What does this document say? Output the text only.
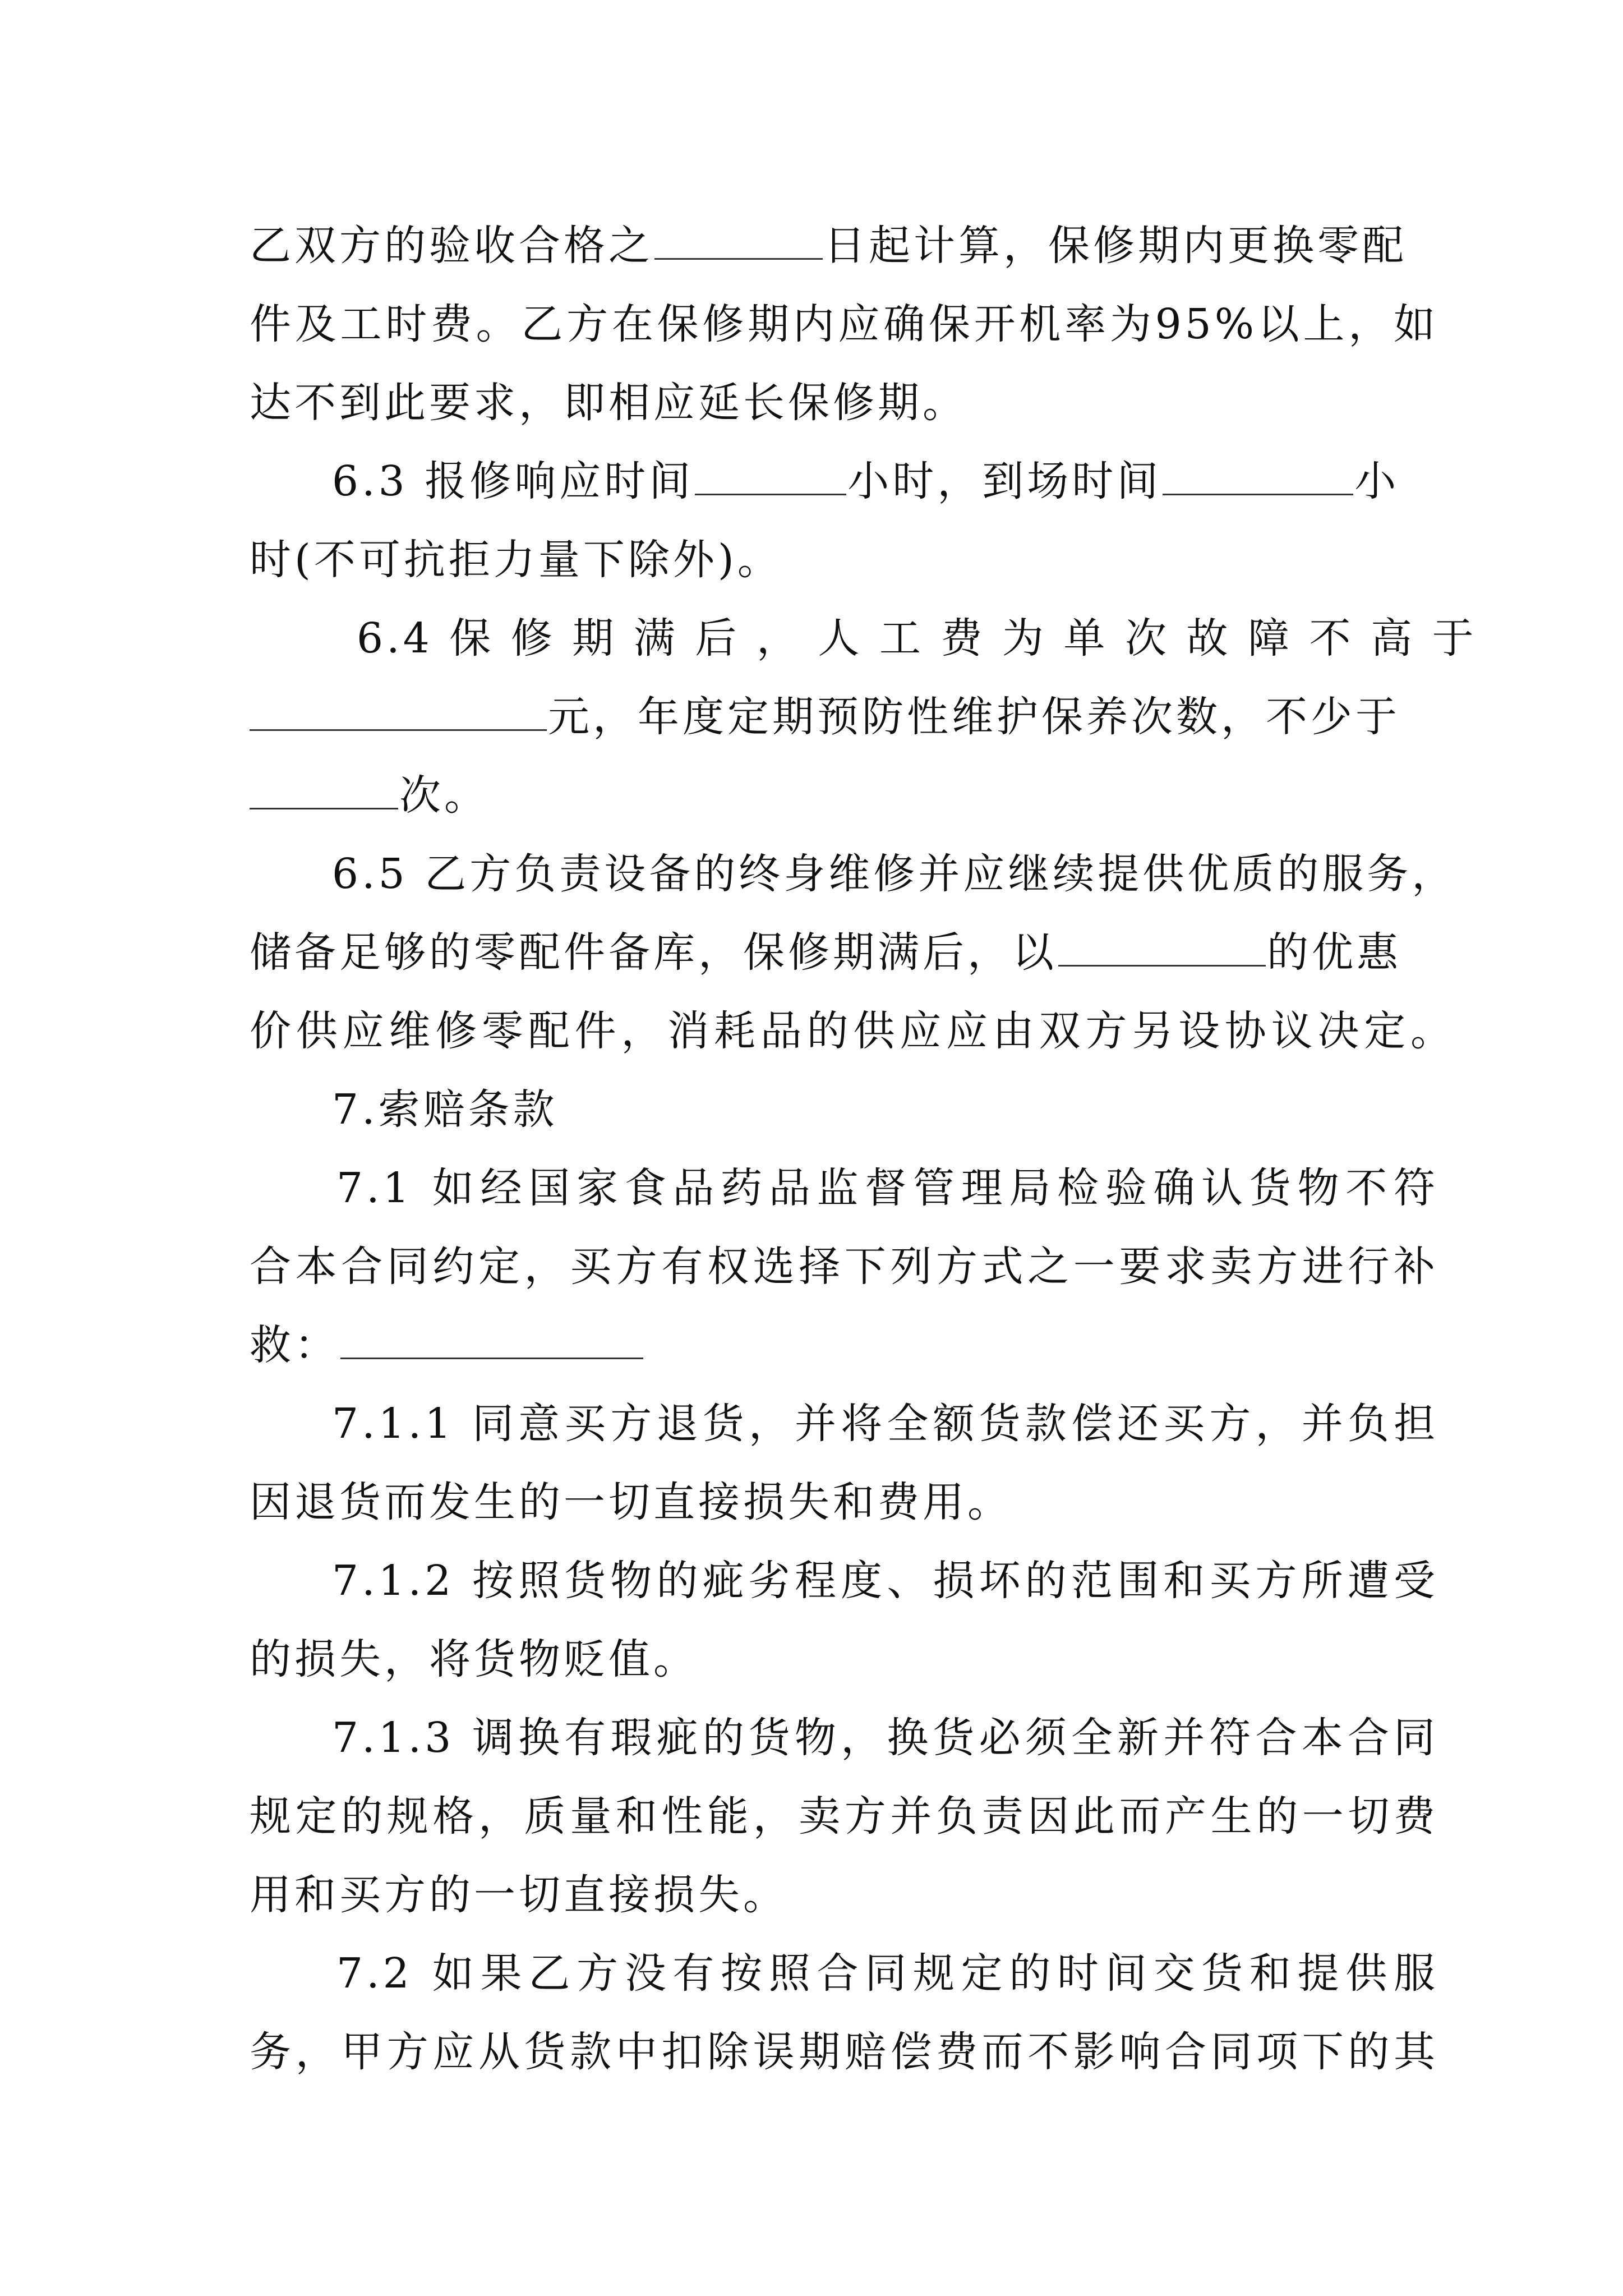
乙双方的验收合格之	日起计算，保修期内更换零配
件及工时费。乙方在保修期内应确保开机率为95%以上，如
达不到此要求，即相应延长保修期。
6.3 报修响应时间	小时，到场时间	小
时(不可抗拒力量下除外)。
6.4 保 修 期 满 后 ， 人 工 费 为 单 次 故 障 不 高 于
元，年度定期预防性维护保养次数，不少于
次。
6.5 乙方负责设备的终身维修并应继续提供优质的服务，
储备足够的零配件备库，保修期满后，以	的优惠
价供应维修零配件，消耗品的供应应由双方另设协议决定。
7.索赔条款
7.1 如经国家食品药品监督管理局检验确认货物不符
合本合同约定，买方有权选择下列方式之一要求卖方进行补
救：
7.1.1 同意买方退货，并将全额货款偿还买方，并负担
因退货而发生的一切直接损失和费用。
7.1.2 按照货物的疵劣程度、损坏的范围和买方所遭受
的损失，将货物贬值。
7.1.3 调换有瑕疵的货物，换货必须全新并符合本合同
规定的规格，质量和性能，卖方并负责因此而产生的一切费
用和买方的一切直接损失。
7.2 如果乙方没有按照合同规定的时间交货和提供服
务，甲方应从货款中扣除误期赔偿费而不影响合同项下的其
